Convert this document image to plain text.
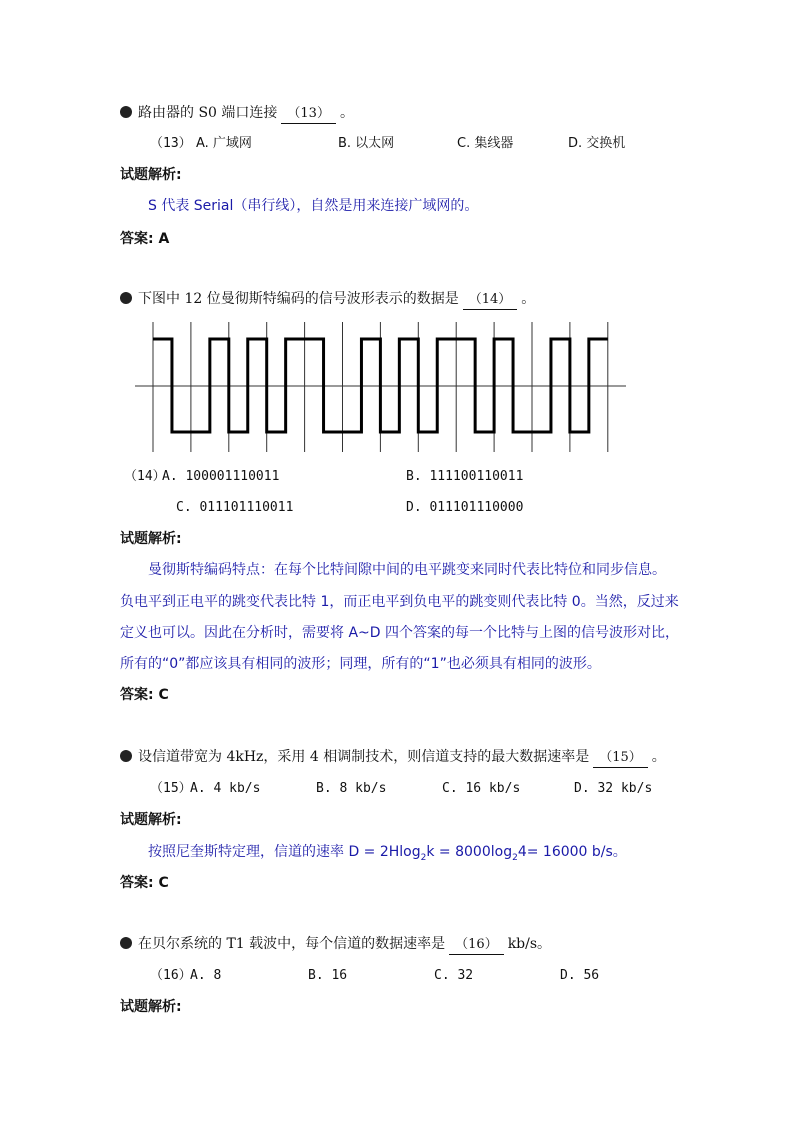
路由器的 S0 端口连接 （13） 。
（13） A. 广域网	B. 以太网	C. 集线器	D. 交换机
试题解析:
S 代表 Serial（串行线），自然是用来连接广域网的。
答案: A
下图中 12 位曼彻斯特编码的信号波形表示的数据是 （14） 。
（14）
A. 100001110011	B. 111100110011
C. 011101110011	D. 011101110000
试题解析:
曼彻斯特编码特点：在每个比特间隙中间的电平跳变来同时代表比特位和同步信息。
负电平到正电平的跳变代表比特 1，而正电平到负电平的跳变则代表比特 0。当然，反过来
定义也可以。因此在分析时，需要将 A~D 四个答案的每一个比特与上图的信号波形对比，
所有的“0”都应该具有相同的波形；同理，所有的“1”也必须具有相同的波形。
答案: C
设信道带宽为 4kHz，采用 4 相调制技术，则信道支持的最大数据速率是 （15） 。
（15）
A. 4 kb/s	B. 8 kb/s	C. 16 kb/s	D. 32 kb/s
试题解析:
按照尼奎斯特定理，信道的速率 $D = 2Hlog_2k = 8000\log_24= 16000$ b/s。
答案: C
在贝尔系统的 T1 载波中，每个信道的数据速率是 （16） kb/s。
（16）
A. 8	B. 16	C. 32	D. 56
试题解析:
